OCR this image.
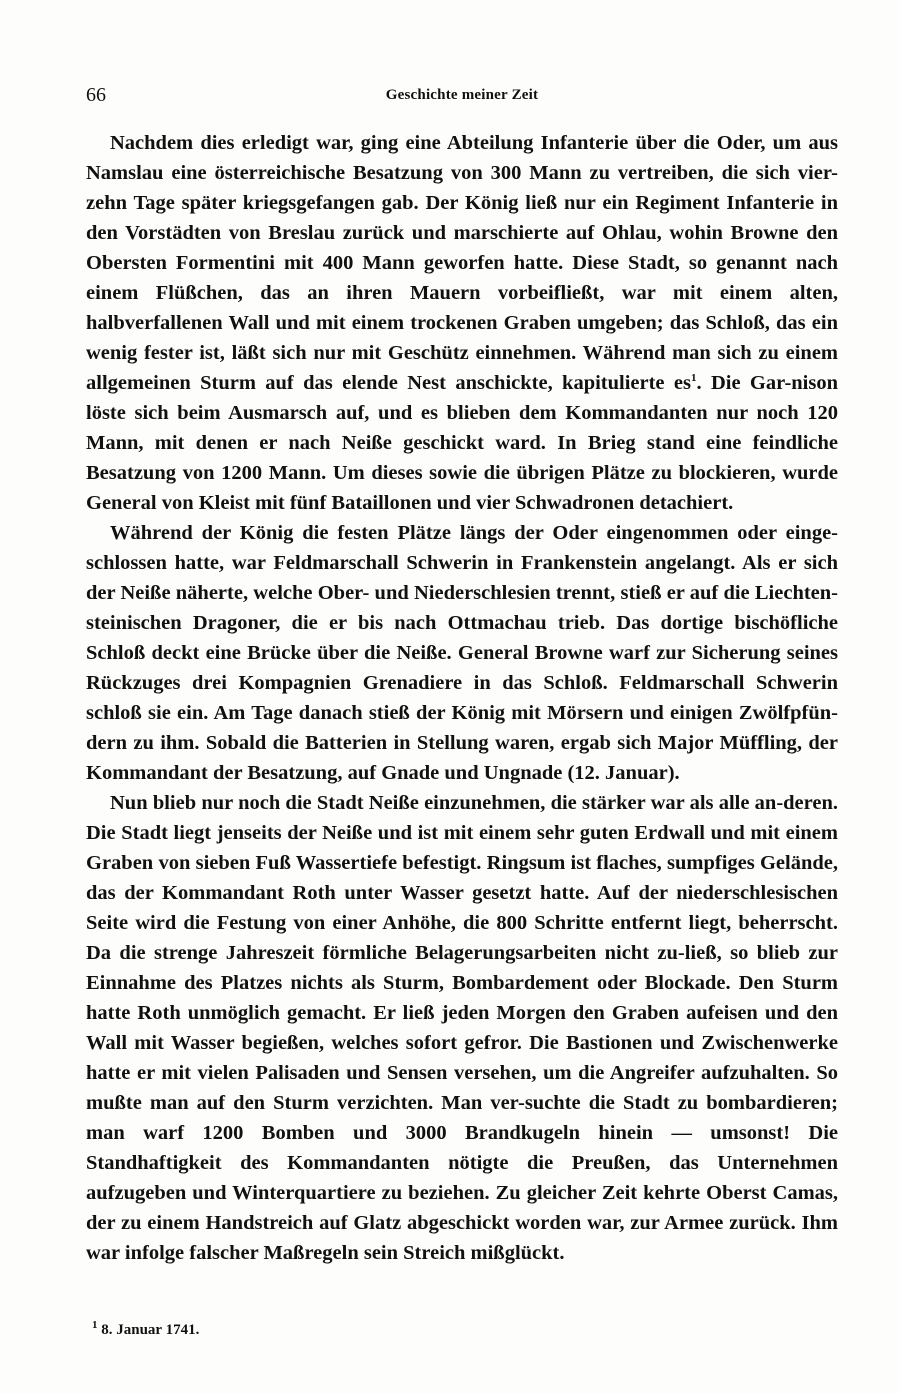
66	Geschichte meiner Zeit

Nachdem dies erledigt war, ging eine Abteilung Infanterie über die Oder, um aus Namslau eine österreichische Besatzung von 300 Mann zu vertreiben, die sich vier-zehn Tage später kriegsgefangen gab. Der König ließ nur ein Regiment Infanterie in den Vorstädten von Breslau zurück und marschierte auf Ohlau, wohin Browne den Obersten Formentini mit 400 Mann geworfen hatte. Diese Stadt, so genannt nach einem Flüßchen, das an ihren Mauern vorbeifließt, war mit einem alten, halbverfallenen Wall und mit einem trockenen Graben umgeben; das Schloß, das ein wenig fester ist, läßt sich nur mit Geschütz einnehmen. Während man sich zu einem allgemeinen Sturm auf das elende Nest anschickte, kapitulierte $es^1$. Die Gar-nison löste sich beim Ausmarsch auf, und es blieben dem Kommandanten nur noch 120 Mann, mit denen er nach Neiße geschickt ward. In Brieg stand eine feindliche Besatzung von 1200 Mann. Um dieses sowie die übrigen Plätze zu blockieren, wurde General von Kleist mit fünf Bataillonen und vier Schwadronen detachiert.

Während der König die festen Plätze längs der Oder eingenommen oder einge-schlossen hatte, war Feldmarschall Schwerin in Frankenstein angelangt. Als er sich der Neiße näherte, welche Ober- und Niederschlesien trennt, stieß er auf die Liechten-steinischen Dragoner, die er bis nach Ottmachau trieb. Das dortige bischöfliche Schloß deckt eine Brücke über die Neiße. General Browne warf zur Sicherung seines Rückzuges drei Kompagnien Grenadiere in das Schloß. Feldmarschall Schwerin schloß sie ein. Am Tage danach stieß der König mit Mörsern und einigen Zwölfpfün-dern zu ihm. Sobald die Batterien in Stellung waren, ergab sich Major Müffling, der Kommandant der Besatzung, auf Gnade und Ungnade (12. Januar).

Nun blieb nur noch die Stadt Neiße einzunehmen, die stärker war als alle an-deren. Die Stadt liegt jenseits der Neiße und ist mit einem sehr guten Erdwall und mit einem Graben von sieben Fuß Wassertiefe befestigt. Ringsum ist flaches, sumpfiges Gelände, das der Kommandant Roth unter Wasser gesetzt hatte. Auf der niederschlesischen Seite wird die Festung von einer Anhöhe, die 800 Schritte entfernt liegt, beherrscht. Da die strenge Jahreszeit förmliche Belagerungsarbeiten nicht zu-ließ, so blieb zur Einnahme des Platzes nichts als Sturm, Bombardement oder Blockade. Den Sturm hatte Roth unmöglich gemacht. Er ließ jeden Morgen den Graben aufeisen und den Wall mit Wasser begießen, welches sofort gefror. Die Bastionen und Zwischenwerke hatte er mit vielen Palisaden und Sensen versehen, um die Angreifer aufzuhalten. So mußte man auf den Sturm verzichten. Man ver-suchte die Stadt zu bombardieren; man warf 1200 Bomben und 3000 Brandkugeln hinein — umsonst! Die Standhaftigkeit des Kommandanten nötigte die Preußen, das Unternehmen aufzugeben und Winterquartiere zu beziehen. Zu gleicher Zeit kehrte Oberst Camas, der zu einem Handstreich auf Glatz abgeschickt worden war, zur Armee zurück. Ihm war infolge falscher Maßregeln sein Streich mißglückt.

$^1$ 8. Januar 1741.
